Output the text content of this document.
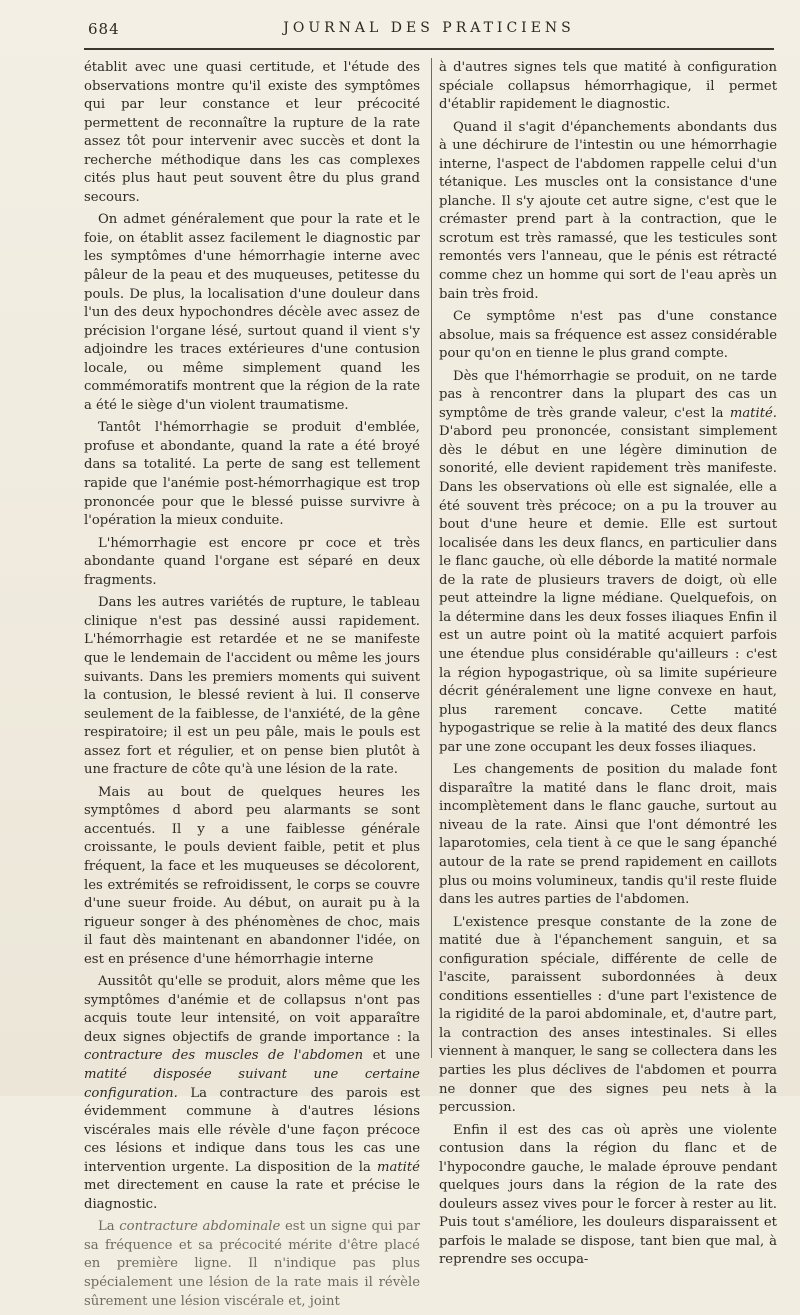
684	JOURNAL DES PRATICIENS

établit avec une quasi certitude, et l'étude des observations montre qu'il existe des symptômes qui par leur constance et leur précocité permettent de reconnaître la rupture de la rate assez tôt pour intervenir avec succès et dont la recherche méthodique dans les cas complexes cités plus haut peut souvent être du plus grand secours.

On admet généralement que pour la rate et le foie, on établit assez facilement le diagnostic par les symptômes d'une hémorrhagie interne avec pâleur de la peau et des muqueuses, petitesse du pouls. De plus, la localisation d'une douleur dans l'un des deux hypochondres décèle avec assez de précision l'organe lésé, surtout quand il vient s'y adjoindre les traces extérieures d'une contusion locale, ou même simplement quand les commémoratifs montrent que la région de la rate a été le siège d'un violent traumatisme.

Tantôt l'hémorrhagie se produit d'emblée, profuse et abondante, quand la rate a été broyé dans sa totalité. La perte de sang est tellement rapide que l'anémie post-hémorrhagique est trop prononcée pour que le blessé puisse survivre à l'opération la mieux conduite.

L'hémorrhagie est encore pr coce et très abondante quand l'organe est séparé en deux fragments.

Dans les autres variétés de rupture, le tableau clinique n'est pas dessiné aussi rapidement. L'hémorrhagie est retardée et ne se manifeste que le lendemain de l'accident ou même les jours suivants. Dans les premiers moments qui suivent la contusion, le blessé revient à lui. Il conserve seulement de la faiblesse, de l'anxiété, de la gêne respiratoire; il est un peu pâle, mais le pouls est assez fort et régulier, et on pense bien plutôt à une fracture de côte qu'à une lésion de la rate.

Mais au bout de quelques heures les symptômes d abord peu alarmants se sont accentués. Il y a une faiblesse générale croissante, le pouls devient faible, petit et plus fréquent, la face et les muqueuses se décolorent, les extrémités se refroidissent, le corps se couvre d'une sueur froide. Au début, on aurait pu à la rigueur songer à des phénomènes de choc, mais il faut dès maintenant en abandonner l'idée, on est en présence d'une hémorrhagie interne

Aussitôt qu'elle se produit, alors même que les symptômes d'anémie et de collapsus n'ont pas acquis toute leur intensité, on voit apparaître deux signes objectifs de grande importance : la contracture des muscles de l'abdomen et une matité disposée suivant une certaine configuration. La contracture des parois est évidemment commune à d'autres lésions viscérales mais elle révèle d'une façon précoce ces lésions et indique dans tous les cas une intervention urgente. La disposition de la matité met directement en cause la rate et précise le diagnostic.

La contracture abdominale est un signe qui par sa fréquence et sa précocité mérite d'être placé en première ligne. Il n'indique pas plus spécialement une lésion de la rate mais il révèle sûrement une lésion viscérale et, joint

à d'autres signes tels que matité à configuration spéciale collapsus hémorrhagique, il permet d'établir rapidement le diagnostic.

Quand il s'agit d'épanchements abondants dus à une déchirure de l'intestin ou une hémorrhagie interne, l'aspect de l'abdomen rappelle celui d'un tétanique. Les muscles ont la consistance d'une planche. Il s'y ajoute cet autre signe, c'est que le crémaster prend part à la contraction, que le scrotum est très ramassé, que les testicules sont remontés vers l'anneau, que le pénis est rétracté comme chez un homme qui sort de l'eau après un bain très froid.

Ce symptôme n'est pas d'une constance absolue, mais sa fréquence est assez considérable pour qu'on en tienne le plus grand compte.

Dès que l'hémorrhagie se produit, on ne tarde pas à rencontrer dans la plupart des cas un symptôme de très grande valeur, c'est la matité. D'abord peu prononcée, consistant simplement dès le début en une légère diminution de sonorité, elle devient rapidement très manifeste. Dans les observations où elle est signalée, elle a été souvent très précoce; on a pu la trouver au bout d'une heure et demie. Elle est surtout localisée dans les deux flancs, en particulier dans le flanc gauche, où elle déborde la matité normale de la rate de plusieurs travers de doigt, où elle peut atteindre la ligne médiane. Quelquefois, on la détermine dans les deux fosses iliaques Enfin il est un autre point où la matité acquiert parfois une étendue plus considérable qu'ailleurs : c'est la région hypogastrique, où sa limite supérieure décrit généralement une ligne convexe en haut, plus rarement concave. Cette matité hypogastrique se relie à la matité des deux flancs par une zone occupant les deux fosses iliaques.

Les changements de position du malade font disparaître la matité dans le flanc droit, mais incomplètement dans le flanc gauche, surtout au niveau de la rate. Ainsi que l'ont démontré les laparotomies, cela tient à ce que le sang épanché autour de la rate se prend rapidement en caillots plus ou moins volumineux, tandis qu'il reste fluide dans les autres parties de l'abdomen.

L'existence presque constante de la zone de matité due à l'épanchement sanguin, et sa configuration spéciale, différente de celle de l'ascite, paraissent subordonnées à deux conditions essentielles : d'une part l'existence de la rigidité de la paroi abdominale, et, d'autre part, la contraction des anses intestinales. Si elles viennent à manquer, le sang se collectera dans les parties les plus déclives de l'abdomen et pourra ne donner que des signes peu nets à la percussion.

Enfin il est des cas où après une violente contusion dans la région du flanc et de l'hypocondre gauche, le malade éprouve pendant quelques jours dans la région de la rate des douleurs assez vives pour le forcer à rester au lit. Puis tout s'améliore, les douleurs disparaissent et parfois le malade se dispose, tant bien que mal, à reprendre ses occupa-
